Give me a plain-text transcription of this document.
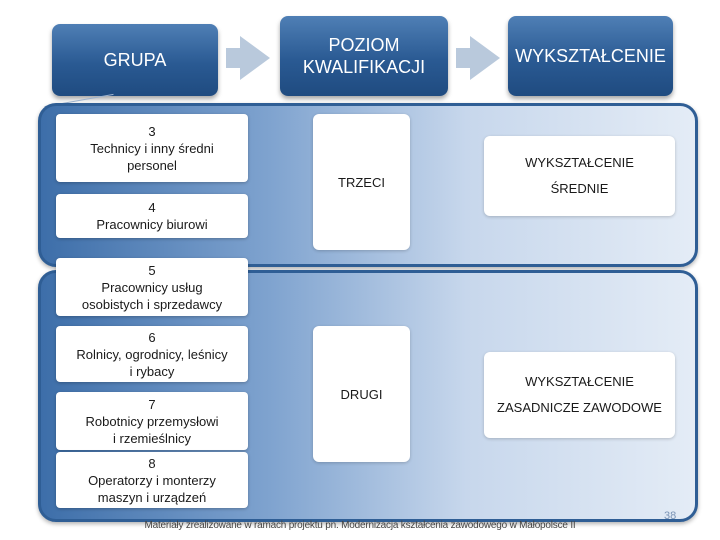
GRUPA
POZIOM
KWALIFIKACJI
WYKSZTAŁCENIE
3
Technicy i inny średni
personel
4
Pracownicy biurowi
5
Pracownicy usług
osobistych i sprzedawcy
6
Rolnicy, ogrodnicy, leśnicy
i rybacy
7
Robotnicy przemysłowi
i rzemieślnicy
8
Operatorzy i monterzy
maszyn i urządzeń
TRZECI
DRUGI
WYKSZTAŁCENIE
ŚREDNIE
WYKSZTAŁCENIE
ZASADNICZE ZAWODOWE
Materiały zrealizowane w ramach projektu pn. Modernizacja kształcenia zawodowego w Małopolsce II
38
